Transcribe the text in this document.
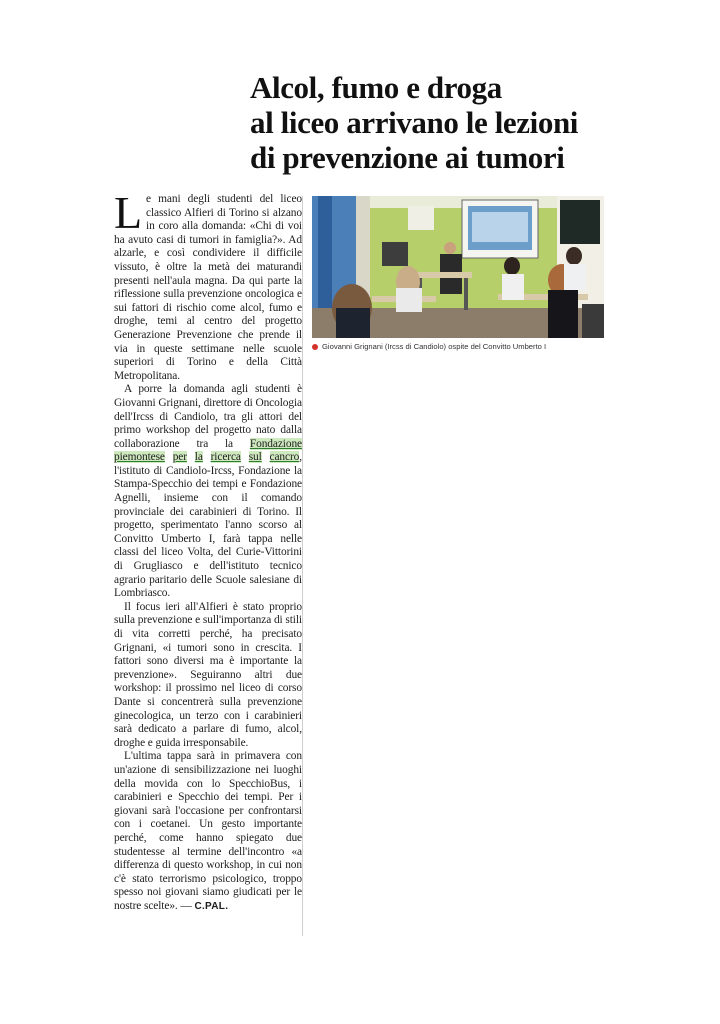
Alcol, fumo e droga
al liceo arrivano le lezioni
di prevenzione ai tumori

Le mani degli studenti del liceo classico Alfieri di Torino si alzano in coro alla domanda: «Chi di voi ha avuto casi di tumori in famiglia?». Ad alzarle, e così condividere il difficile vissuto, è oltre la metà dei maturandi presenti nell'aula magna. Da qui parte la riflessione sulla prevenzione oncologica e sui fattori di rischio come alcol, fumo e droghe, temi al centro del progetto Generazione Prevenzione che prende il via in queste settimane nelle scuole superiori di Torino e della Città Metropolitana.

A porre la domanda agli studenti è Giovanni Grignani, direttore di Oncologia dell'Ircss di Candiolo, tra gli attori del primo workshop del progetto nato dalla collaborazione tra la Fondazione piemontese per la ricerca sul cancro, l'istituto di Candiolo-Ircss, Fondazione la Stampa-Specchio dei tempi e Fondazione Agnelli, insieme con il comando provinciale dei carabinieri di Torino. Il progetto, sperimentato l'anno scorso al Convitto Umberto I, farà tappa nelle classi del liceo Volta, del Curie-Vittorini di Grugliasco e dell'istituto tecnico agrario paritario delle Scuole salesiane di Lombriasco.

Il focus ieri all'Alfieri è stato proprio sulla prevenzione e sull'importanza di stili di vita corretti perché, ha precisato Grignani, «i tumori sono in crescita. I fattori sono diversi ma è importante la prevenzione». Seguiranno altri due workshop: il prossimo nel liceo di corso Dante si concentrerà sulla prevenzione ginecologica, un terzo con i carabinieri sarà dedicato a parlare di fumo, alcol, droghe e guida irresponsabile.

L'ultima tappa sarà in primavera con un'azione di sensibilizzazione nei luoghi della movida con lo SpecchioBus, i carabinieri e Specchio dei tempi. Per i giovani sarà l'occasione per confrontarsi con i coetanei. Un gesto importante perché, come hanno spiegato due studentesse al termine dell'incontro «a differenza di questo workshop, in cui non c'è stato terrorismo psicologico, troppo spesso noi giovani siamo giudicati per le nostre scelte». — C.PAL.

Giovanni Grignani (Ircss di Candiolo) ospite del Convitto Umberto I
